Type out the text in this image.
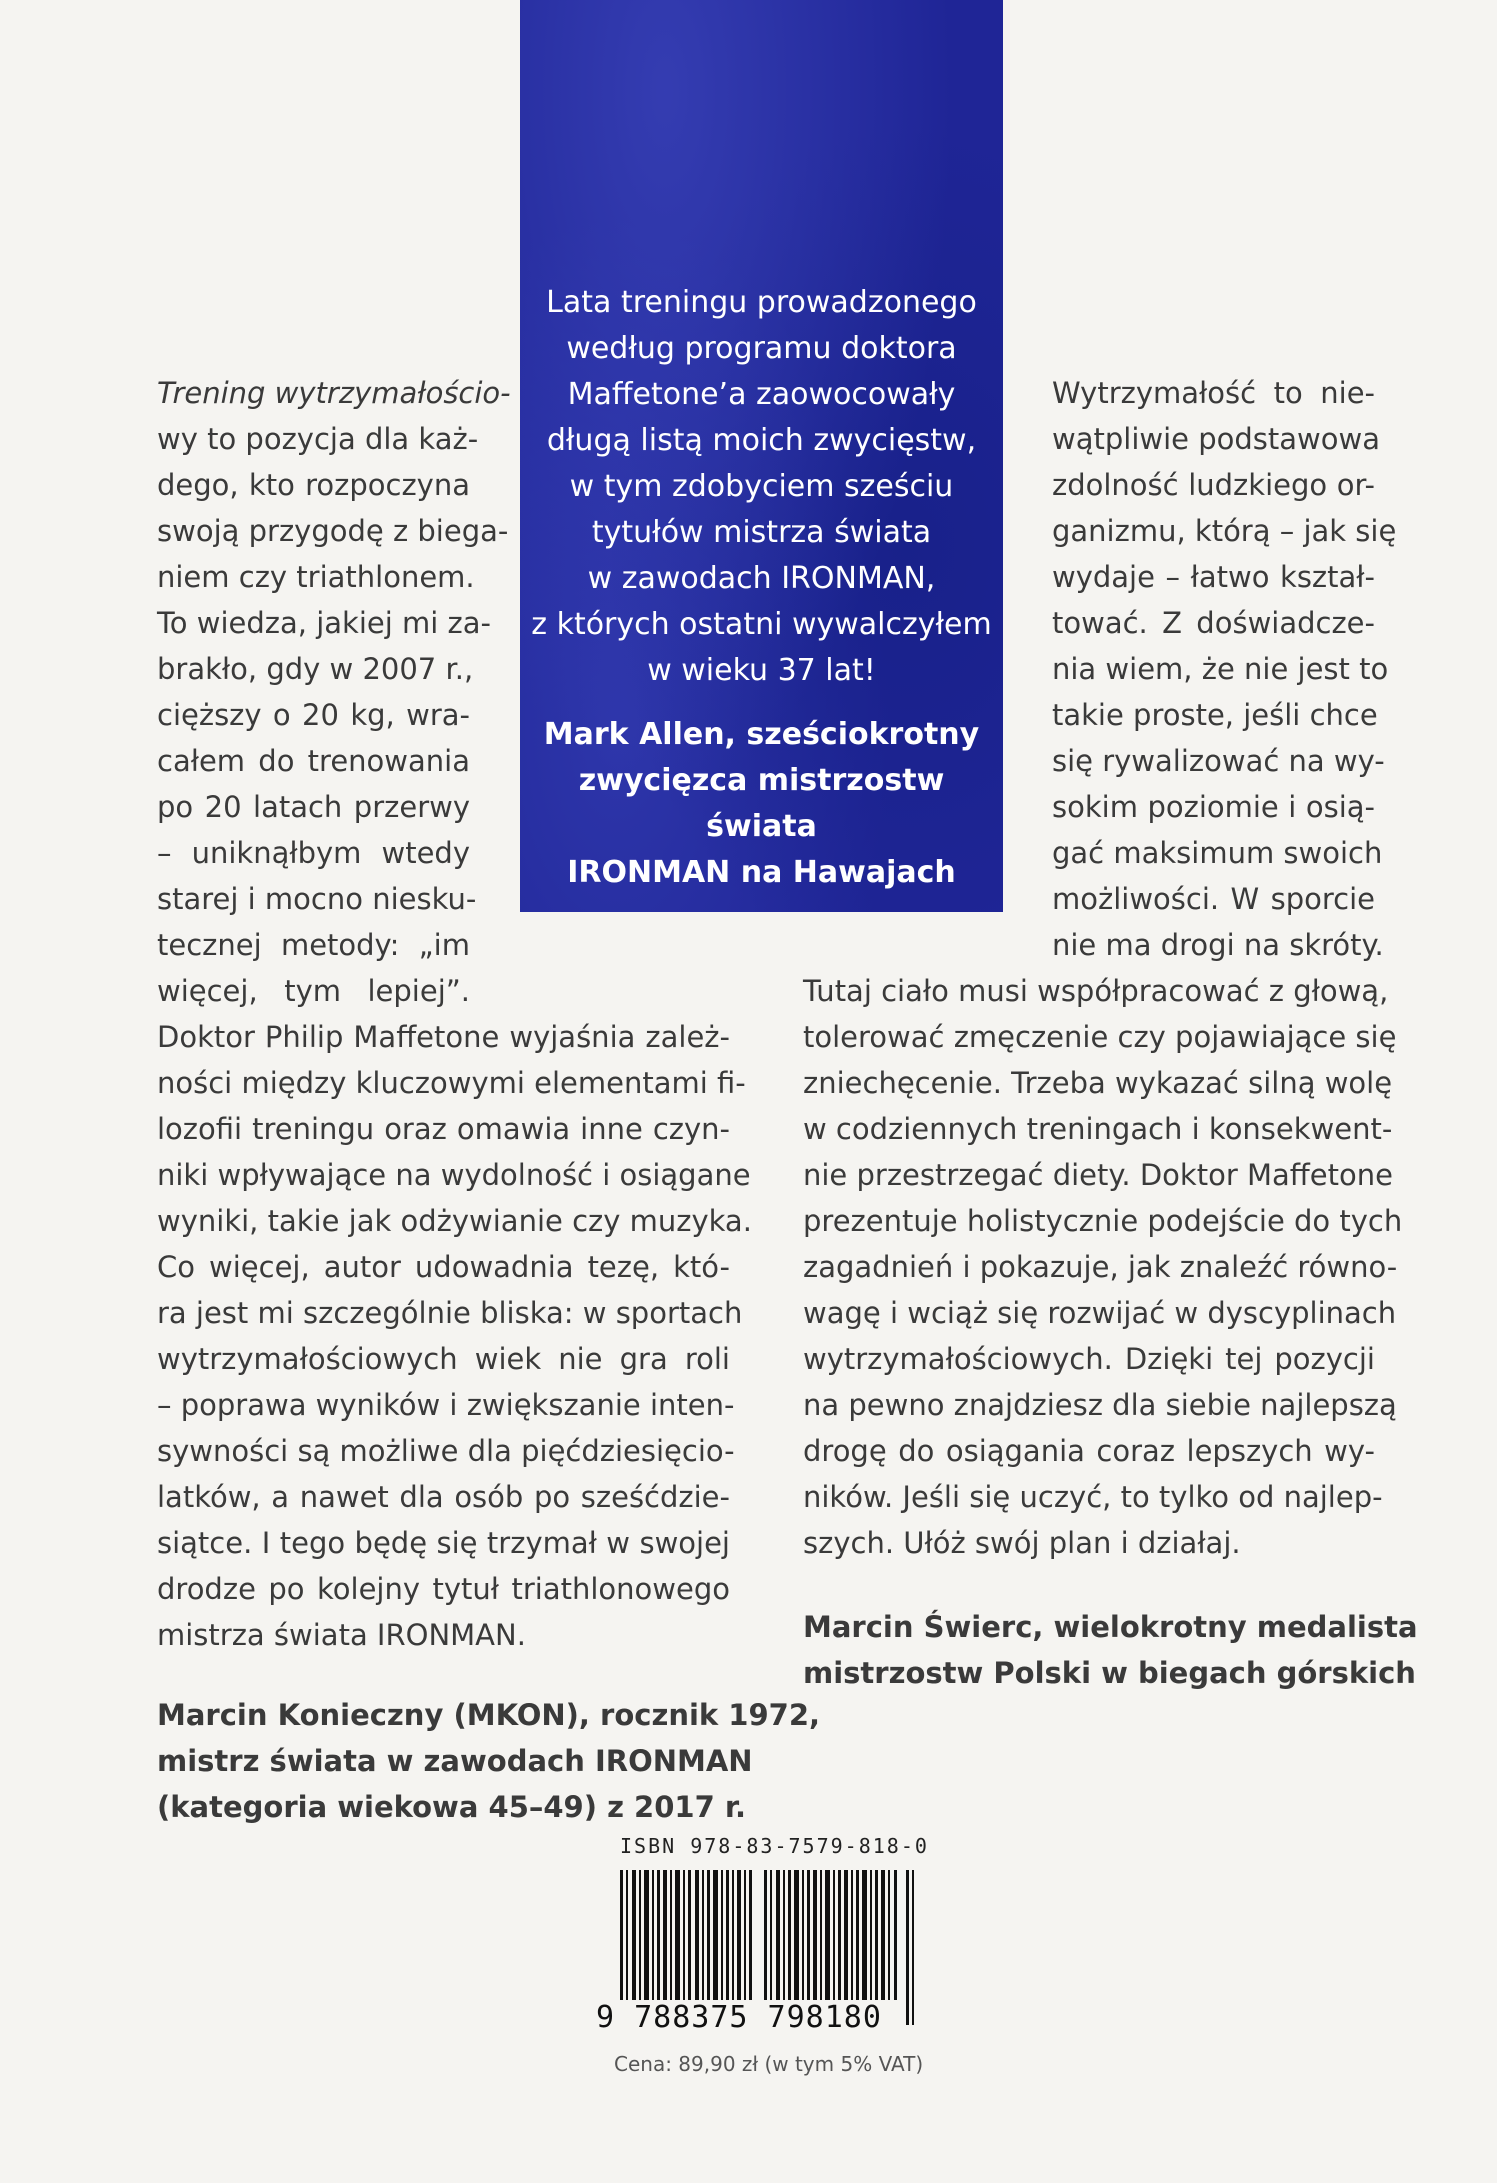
Lata treningu prowadzonego
według programu doktora
Maffetone’a zaowocowały
długą listą moich zwycięstw,
w tym zdobyciem sześciu
tytułów mistrza świata
w zawodach IRONMAN,
z których ostatni wywalczyłem
w wieku 37 lat!
Mark Allen, sześciokrotny
zwycięzca mistrzostw świata
IRONMAN na Hawajach
Trening wytrzymałościo-
wy to pozycja dla każ-
dego, kto rozpoczyna
swoją przygodę z biega-
niem czy triathlonem.
To wiedza, jakiej mi za-
brakło, gdy w 2007 r.,
cięższy o 20 kg, wra-
całem do trenowania
po 20 latach przerwy
– uniknąłbym wtedy
starej i mocno niesku-
tecznej metody: „im
więcej, tym lepiej”.
Doktor Philip Maffetone wyjaśnia zależ-
ności między kluczowymi elementami fi-
lozofii treningu oraz omawia inne czyn-
niki wpływające na wydolność i osiągane
wyniki, takie jak odżywianie czy muzyka.
Co więcej, autor udowadnia tezę, któ-
ra jest mi szczególnie bliska: w sportach
wytrzymałościowych wiek nie gra roli
– poprawa wyników i zwiększanie inten-
sywności są możliwe dla pięćdziesięcio-
latków, a nawet dla osób po sześćdzie-
siątce. I tego będę się trzymał w swojej
drodze po kolejny tytuł triathlonowego
mistrza świata IRONMAN.
Marcin Konieczny (MKON), rocznik 1972,
mistrz świata w zawodach IRONMAN
(kategoria wiekowa 45–49) z 2017 r.
Wytrzymałość to nie-
wątpliwie podstawowa
zdolność ludzkiego or-
ganizmu, którą – jak się
wydaje – łatwo kształ-
tować. Z doświadcze-
nia wiem, że nie jest to
takie proste, jeśli chce
się rywalizować na wy-
sokim poziomie i osią-
gać maksimum swoich
możliwości. W sporcie
nie ma drogi na skróty.
Tutaj ciało musi współpracować z głową,
tolerować zmęczenie czy pojawiające się
zniechęcenie. Trzeba wykazać silną wolę
w codziennych treningach i konsekwent-
nie przestrzegać diety. Doktor Maffetone
prezentuje holistycznie podejście do tych
zagadnień i pokazuje, jak znaleźć równo-
wagę i wciąż się rozwijać w dyscyplinach
wytrzymałościowych. Dzięki tej pozycji
na pewno znajdziesz dla siebie najlepszą
drogę do osiągania coraz lepszych wy-
ników. Jeśli się uczyć, to tylko od najlep-
szych. Ułóż swój plan i działaj.
Marcin Świerc, wielokrotny medalista
mistrzostw Polski w biegach górskich
ISBN 978-83-7579-818-0
9 788375 798180
Cena: 89,90 zł (w tym 5% VAT)
